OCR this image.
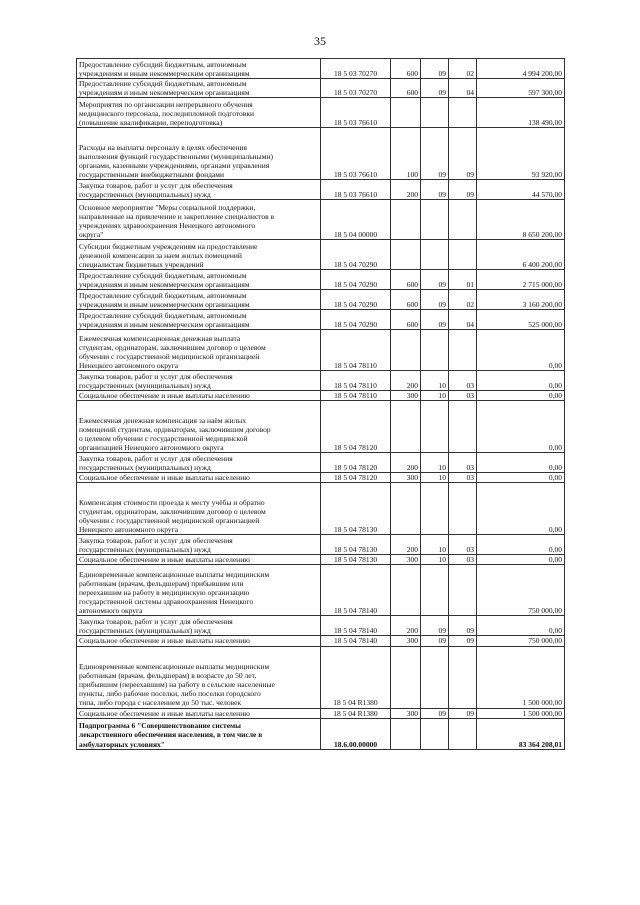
35
Предоставление субсидий бюджетным, автономным
учреждениям и иным некоммерческим организациям	18 5 03 70270	600	09	02	4 994 200,00

Предоставление субсидий бюджетным, автономным
учреждениям и иным некоммерческим организациям	18 5 03 70270	600	09	04	597 300,00

Мероприятия по организации непрерывного обучения
медицинского персонала, последипломной подготовки
(повышение квалификации, переподготовка)	18 5 03 76610				138 490,00

Расходы на выплаты персоналу в целях обеспечения
выполнения функций государственными (муниципальными)
органами, казенными учреждениями, органами управления
государственными внебюджетными фондами	18 5 03 76610	100	09	09	93 920,00

Закупка товаров, работ и услуг для обеспечения
государственных (муниципальных) нужд	18 5 03 76610	200	09	09	44 570,00

Основное мероприятие "Меры социальной поддержки,
направленные на привлечение и закрепление специалистов в
учреждениях здравоохранения Ненецкого автономного
округа"	18 5 04 00000				8 650 200,00

Субсидии бюджетным учреждениям на предоставление
денежной компенсации за наем жилых помещений
специалистам бюджетных учреждений	18 5 04 70290				6 400 200,00

Предоставление субсидий бюджетным, автономным
учреждениям и иным некоммерческим организациям	18 5 04 70290	600	09	01	2 715 000,00

Предоставление субсидий бюджетным, автономным
учреждениям и иным некоммерческим организациям	18 5 04 70290	600	09	02	3 160 200,00

Предоставление субсидий бюджетным, автономным
учреждениям и иным некоммерческим организациям	18 5 04 70290	600	09	04	525 000,00

Ежемесячная компенсационная денежная выплата
студентам, ординаторам, заключившим договор о целевом
обучении с государственной медицинской организацией
Ненецкого автономного округа	18 5 04 78110				0,00

Закупка товаров, работ и услуг для обеспечения
государственных (муниципальных) нужд	18 5 04 78110	200	10	03	0,00

Социальное обеспечение и иные выплаты населению	18 5 04 78110	300	10	03	0,00

Ежемесячная денежная компенсация за наём жилых
помещений студентам, ординаторам, заключившим договор
о целевом обучении с государственной медицинской
организацией Ненецкого автономного округа	18 5 04 78120				0,00

Закупка товаров, работ и услуг для обеспечения
государственных (муниципальных) нужд	18 5 04 78120	200	10	03	0,00

Социальное обеспечение и иные выплаты населению	18 5 04 78120	300	10	03	0,00

Компенсация стоимости проезда к месту учёбы и обратно
студентам, ординаторам, заключившим договор о целевом
обучении с государственной медицинской организацией
Ненецкого автономного округа	18 5 04 78130				0,00

Закупка товаров, работ и услуг для обеспечения
государственных (муниципальных) нужд	18 5 04 78130	200	10	03	0,00

Социальное обеспечение и иные выплаты населению	18 5 04 78130	300	10	03	0,00

Единовременные компенсационные выплаты медицинским
работникам (врачам, фельдшерам) прибывшим или
переехавшим на работу в медицинскую организацию
государственной системы здравоохранения Ненецкого
автономного округа	18 5 04 78140				750 000,00

Закупка товаров, работ и услуг для обеспечения
государственных (муниципальных) нужд	18 5 04 78140	200	09	09	0,00

Социальное обеспечение и иные выплаты населению	18 5 04 78140	300	09	09	750 000,00

Единовременные компенсационные выплаты медицинским
работникам (врачам, фельдшерам) в возрасте до 50 лет,
прибывшим (переехавшим) на работу в сельские населенные
пункты, либо рабочие поселки, либо поселки городского
типа, либо города с населением до 50 тыс. человек	18 5 04 R1380				1 500 000,00

Социальное обеспечение и иные выплаты населению	18 5 04 R1380	300	09	09	1 500 000,00

Подпрограмма 6 "Совершенствование системы
лекарственного обеспечения населения, в том числе в
амбулаторных условиях"	18.6.00.00000				83 364 208,01
